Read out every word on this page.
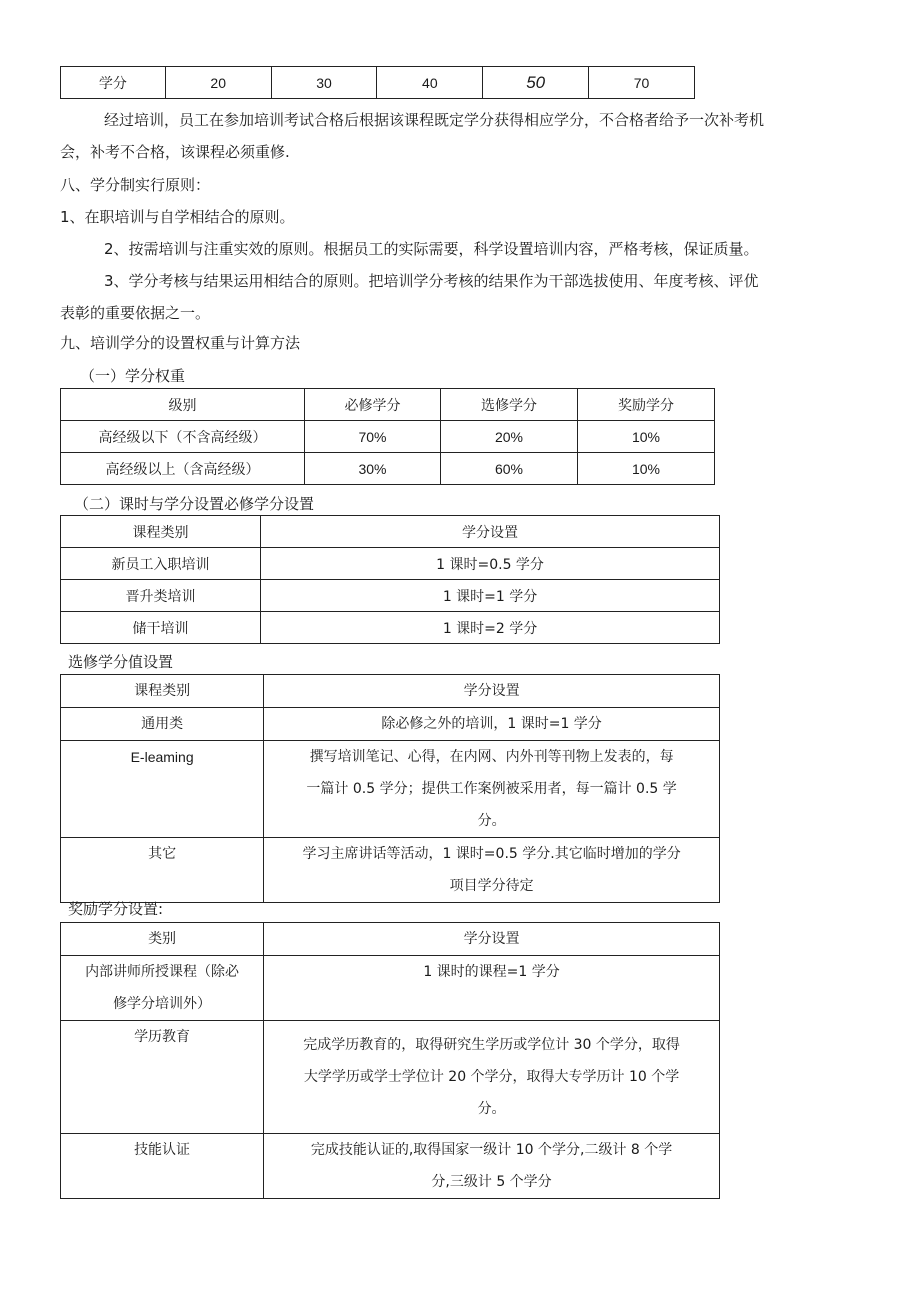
学分	20	30	40	50	70
经过培训，员工在参加培训考试合格后根据该课程既定学分获得相应学分，不合格者给予一次补考机
会，补考不合格，该课程必须重修.
八、学分制实行原则：
1、在职培训与自学相结合的原则。
2、按需培训与注重实效的原则。根据员工的实际需要，科学设置培训内容，严格考核，保证质量。
3、学分考核与结果运用相结合的原则。把培训学分考核的结果作为干部选拔使用、年度考核、评优
表彰的重要依据之一。
九、培训学分的设置权重与计算方法
（一）学分权重
级别	必修学分	选修学分	奖励学分
高经级以下（不含高经级）	70%	20%	10%
高经级以上（含高经级）	30%	60%	10%
（二）课时与学分设置必修学分设置
课程类别	学分设置
新员工入职培训	1 课时=0.5 学分
晋升类培训	1 课时=1 学分
储干培训	1 课时=2 学分
选修学分值设置
课程类别	学分设置
通用类	除必修之外的培训，1 课时=1 学分
E-leaming	撰写培训笔记、心得，在内网、内外刊等刊物上发表的，每
一篇计 0.5 学分；提供工作案例被采用者，每一篇计 0.5 学
分。

其它	学习主席讲话等活动，1 课时=0.5 学分.其它临时增加的学分
项目学分待定
奖励学分设置:
类别	学分设置

内部讲师所授课程（除必
修学分培训外）	1 课时的课程=1 学分

学历教育	完成学历教育的，取得研究生学历或学位计 30 个学分，取得
大学学历或学士学位计 20 个学分，取得大专学历计 10 个学
分。

技能认证	完成技能认证的,取得国家一级计 10 个学分,二级计 8 个学
分,三级计 5 个学分
